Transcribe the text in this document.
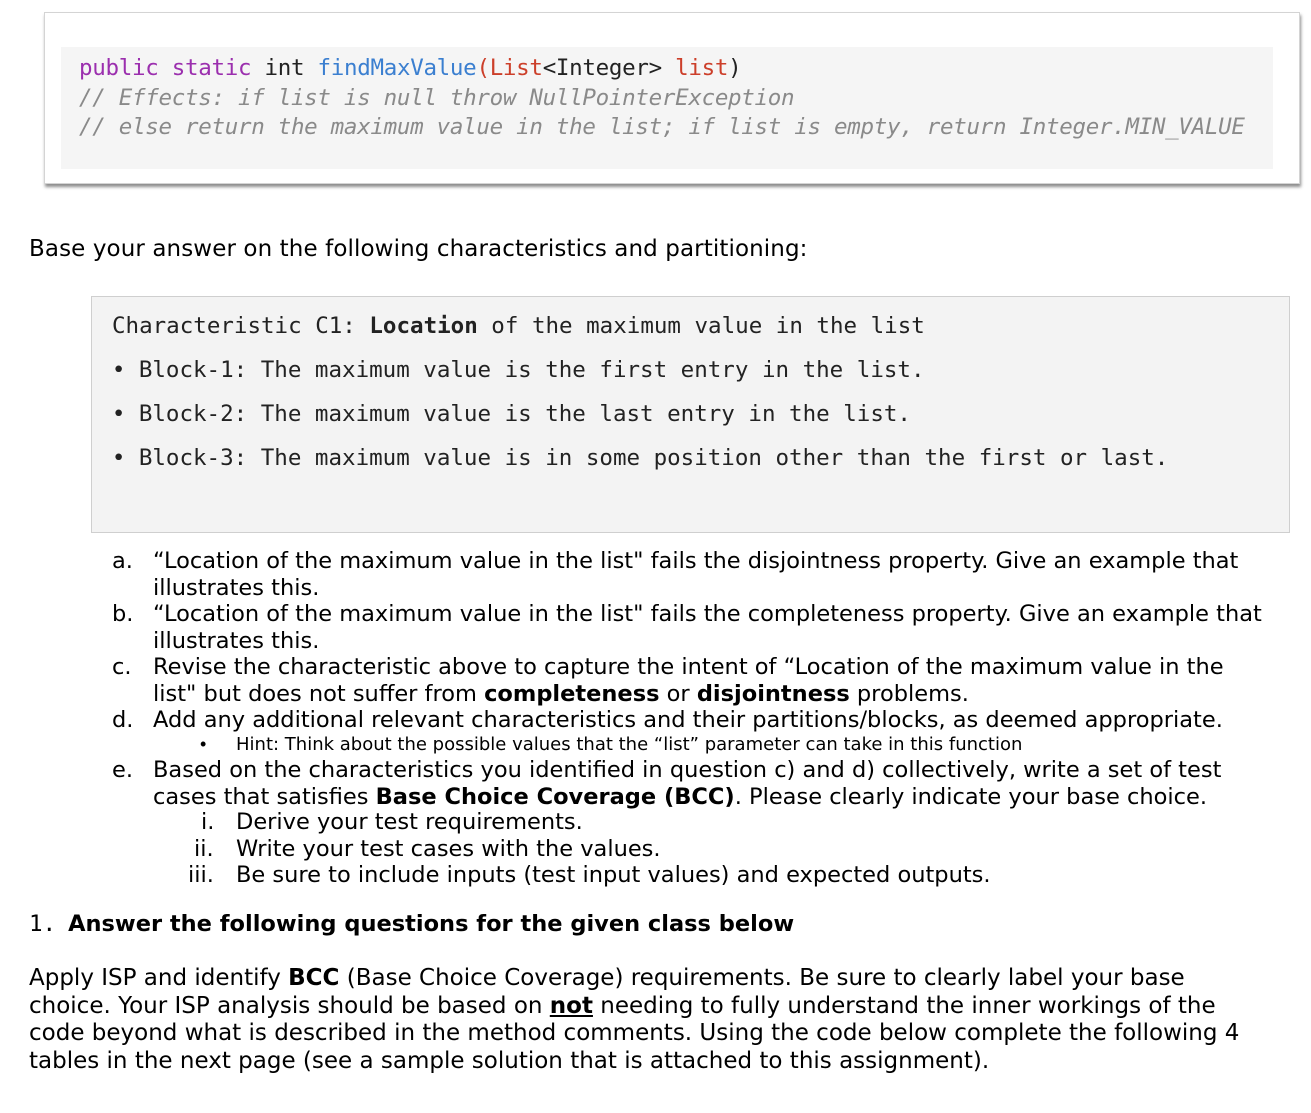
public static int findMaxValue(List<Integer> list)
// Effects: if list is null throw NullPointerException
// else return the maximum value in the list; if list is empty, return Integer.MIN_VALUE
Base your answer on the following characteristics and partitioning:
Characteristic C1: Location of the maximum value in the list
• Block-1: The maximum value is the first entry in the list.
• Block-2: The maximum value is the last entry in the list.
• Block-3: The maximum value is in some position other than the first or last.
a. “Location of the maximum value in the list" fails the disjointness property. Give an example that illustrates this.
b. “Location of the maximum value in the list" fails the completeness property. Give an example that illustrates this.
c. Revise the characteristic above to capture the intent of “Location of the maximum value in the list" but does not suffer from completeness or disjointness problems.
d. Add any additional relevant characteristics and their partitions/blocks, as deemed appropriate.
• Hint: Think about the possible values that the “list” parameter can take in this function
e. Based on the characteristics you identified in question c) and d) collectively, write a set of test cases that satisfies Base Choice Coverage (BCC). Please clearly indicate your base choice.
i. Derive your test requirements.
ii. Write your test cases with the values.
iii. Be sure to include inputs (test input values) and expected outputs.
1. Answer the following questions for the given class below
Apply ISP and identify BCC (Base Choice Coverage) requirements. Be sure to clearly label your base choice. Your ISP analysis should be based on not needing to fully understand the inner workings of the code beyond what is described in the method comments. Using the code below complete the following 4 tables in the next page (see a sample solution that is attached to this assignment).
